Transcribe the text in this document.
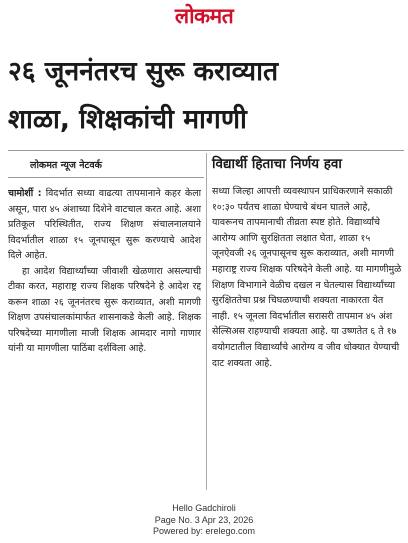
लोकमत
२६ जूननंतरच सुरू कराव्यात
शाळा, शिक्षकांची मागणी
लोकमत न्यूज नेटवर्क	विद्यार्थी हिताचा निर्णय हवा

चामोर्शी : विदर्भात सध्या वाढत्या तापमानाने कहर केला असून, पारा ४५ अंशाच्या दिशेने वाटचाल करत आहे. अशा प्रतिकूल परिस्थितीत, राज्य शिक्षण संचालनालयाने विदर्भातील शाळा १५ जूनपासून सुरू करण्याचे आदेश दिले आहेत.

हा आदेश विद्यार्थ्यांच्या जीवाशी खेळणारा असल्याची टीका करत, महाराष्ट्र राज्य शिक्षक परिषदेने हे आदेश रद्द करून शाळा २६ जूननंतरच सुरू कराव्यात, अशी मागणी शिक्षण उपसंचालकांमार्फत शासनाकडे केली आहे. शिक्षक परिषदेच्या मागणीला माजी शिक्षक आमदार नागो गाणार यांनी या मागणीला पाठिंबा दर्शविला आहे.

सध्या जिल्हा आपत्ती व्यवस्थापन प्राधिकरणाने सकाळी १०:३० पर्यंतच शाळा घेण्याचे बंधन घातले आहे, यावरूनच तापमानाची तीव्रता स्पष्ट होते. विद्यार्थ्यांचे आरोग्य आणि सुरक्षितता लक्षात घेता, शाळा १५ जूनऐवजी २६ जूनपासूनच सुरू कराव्यात, अशी मागणी महाराष्ट्र राज्य शिक्षक परिषदेने केली आहे. या मागणीमुळे शिक्षण विभागाने वेळीच दखल न घेतल्यास विद्यार्थ्यांच्या सुरक्षिततेचा प्रश्न चिघळण्याची शक्यता नाकारता येत नाही. १५ जूनला विदर्भातील सरासरी तापमान ४५ अंश सेल्सिअस राहण्याची शक्यता आहे. या उष्णतेत ६ ते १७ वयोगटातील विद्यार्थ्यांचे आरोग्य व जीव धोक्यात येण्याची दाट शक्यता आहे.

Hello Gadchiroli
Page No. 3 Apr 23, 2026
Powered by: erelego.com
